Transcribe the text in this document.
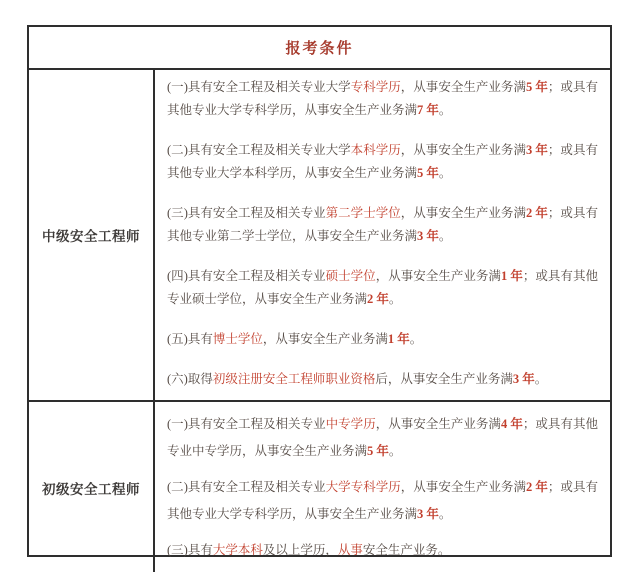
报考条件
中级安全工程师

(一)具有安全工程及相关专业大学专科学历，从事安全生产业务满5 年；或具有其他专业大学专科学历，从事安全生产业务满7 年。

(二)具有安全工程及相关专业大学本科学历，从事安全生产业务满3 年；或具有其他专业大学本科学历，从事安全生产业务满5 年。

(三)具有安全工程及相关专业第二学士学位，从事安全生产业务满2 年；或具有其他专业第二学士学位，从事安全生产业务满3 年。

(四)具有安全工程及相关专业硕士学位，从事安全生产业务满1 年；或具有其他专业硕士学位，从事安全生产业务满2 年。

(五)具有博士学位，从事安全生产业务满1 年。

(六)取得初级注册安全工程师职业资格后，从事安全生产业务满3 年。

初级安全工程师

(一)具有安全工程及相关专业中专学历，从事安全生产业务满4 年；或具有其他专业中专学历，从事安全生产业务满5 年。

(二)具有安全工程及相关专业大学专科学历，从事安全生产业务满2 年；或具有其他专业大学专科学历，从事安全生产业务满3 年。

(三)具有大学本科及以上学历，从事安全生产业务。
